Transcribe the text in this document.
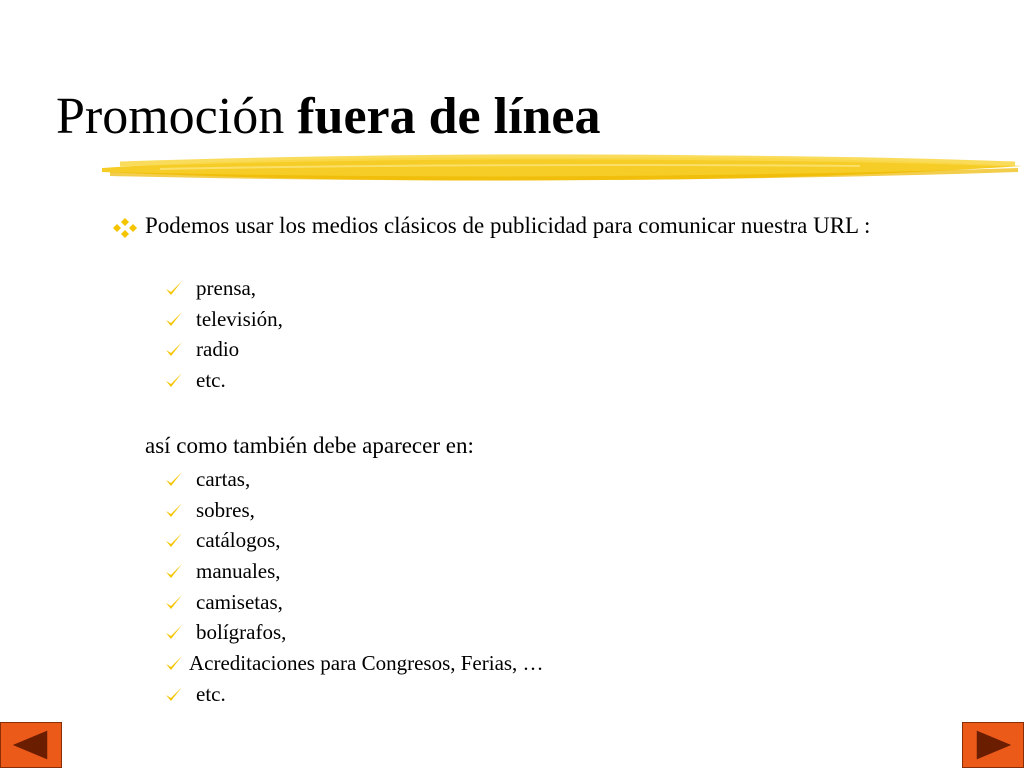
Promoción fuera de línea
Podemos usar los medios clásicos de publicidad para comunicar nuestra URL :
prensa,
televisión,
radio
etc.
así como también debe aparecer en:
cartas,
sobres,
catálogos,
manuales,
camisetas,
bolígrafos,
Acreditaciones para Congresos, Ferias, …
etc.
